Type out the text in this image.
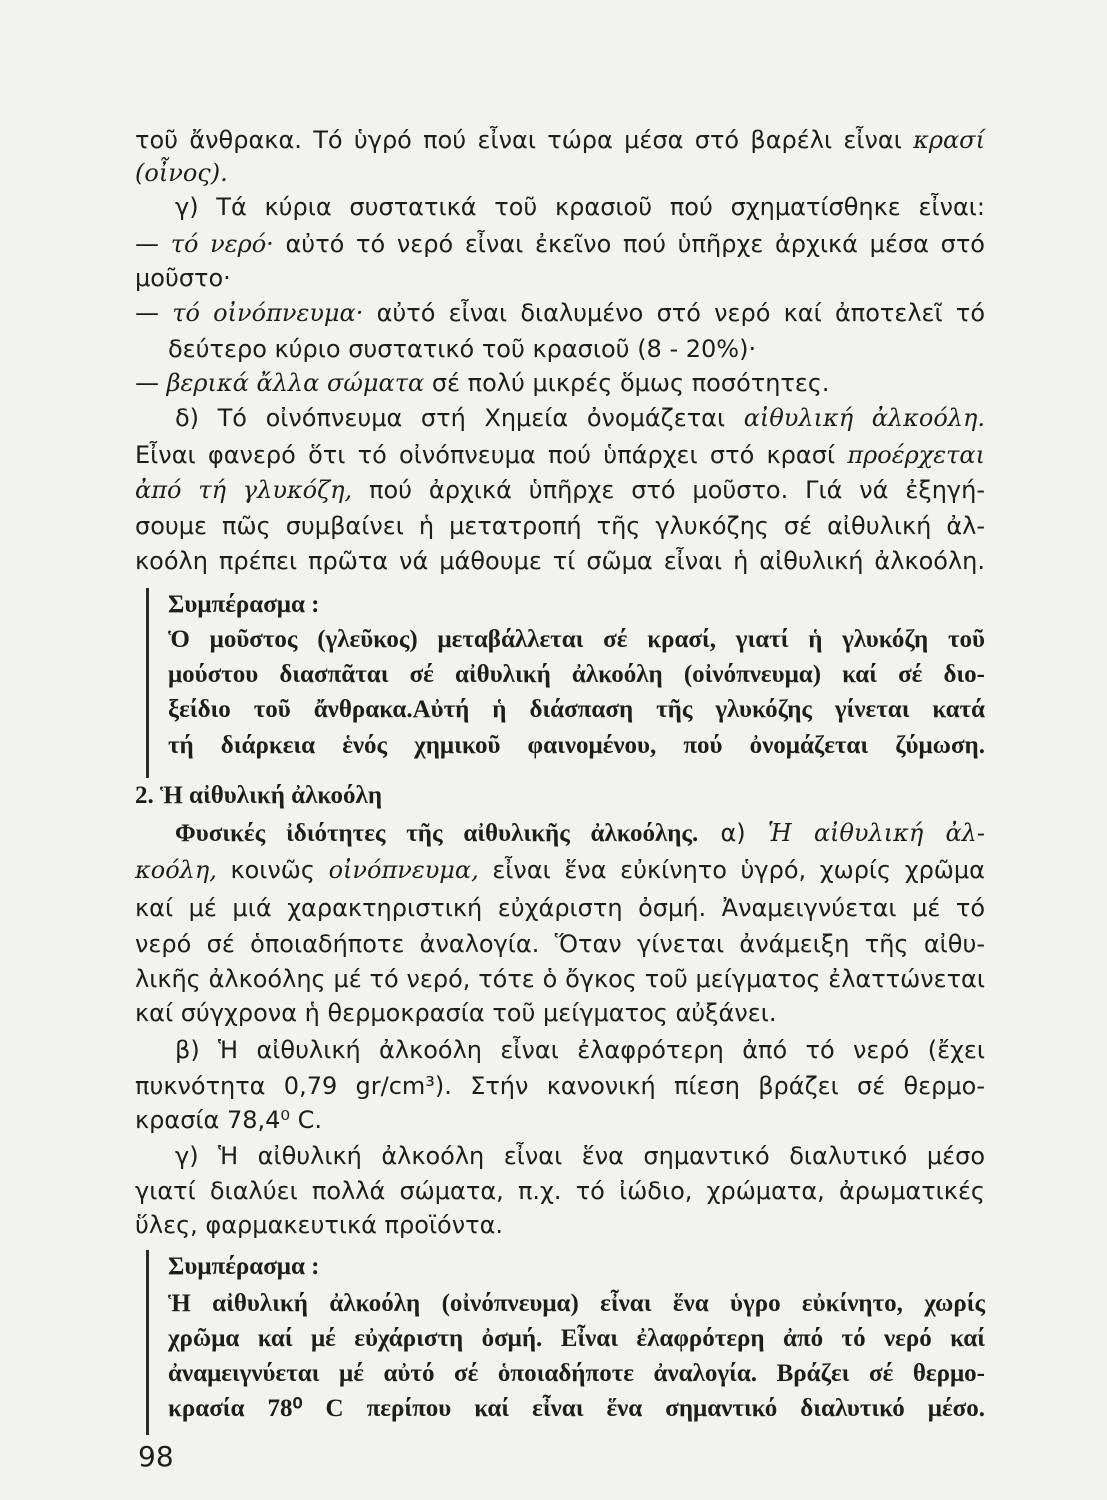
τοῦ ἄνθρακα. Τό ὑγρό πού εἶναι τώρα μέσα στό βαρέλι εἶναι κρασί
(οἶνος).
γ) Τά κύρια συστατικά τοῦ κρασιοῦ πού σχηματίσθηκε εἶναι:
— τό νερό· αὐτό τό νερό εἶναι ἐκεῖνο πού ὑπῆρχε ἀρχικά μέσα στό
μοῦστο·
— τό οἰνόπνευμα· αὐτό εἶναι διαλυμένο στό νερό καί ἀποτελεῖ τό
δεύτερο κύριο συστατικό τοῦ κρασιοῦ (8 - 20%)·
— βερικά ἄλλα σώματα σέ πολύ μικρές ὅμως ποσότητες.
δ) Τό οἰνόπνευμα στή Χημεία ὀνομάζεται αἰθυλική ἀλκοόλη.
Εἶναι φανερό ὅτι τό οἰνόπνευμα πού ὑπάρχει στό κρασί προέρχεται
ἀπό τή γλυκόζη, πού ἀρχικά ὑπῆρχε στό μοῦστο. Γιά νά ἐξηγή-
σουμε πῶς συμβαίνει ἡ μετατροπή τῆς γλυκόζης σέ αἰθυλική ἀλ-
κοόλη πρέπει πρῶτα νά μάθουμε τί σῶμα εἶναι ἡ αἰθυλική ἀλκοόλη.
Συμπέρασμα :
Ὁ μοῦστος (γλεῦκος) μεταβάλλεται σέ κρασί, γιατί ἡ γλυκόζη τοῦ
μούστου διασπᾶται σέ αἰθυλική ἀλκοόλη (οἰνόπνευμα) καί σέ διο-
ξείδιο τοῦ ἄνθρακα.Αὐτή ἡ διάσπαση τῆς γλυκόζης γίνεται κατά
τή διάρκεια ἑνός χημικοῦ φαινομένου, πού ὀνομάζεται ζύμωση.
2. Ἡ αἰθυλική ἀλκοόλη
Φυσικές ἰδιότητες τῆς αἰθυλικῆς ἀλκοόλης. α) Ἡ αἰθυλική ἀλ-
κοόλη, κοινῶς οἰνόπνευμα, εἶναι ἕνα εὐκίνητο ὑγρό, χωρίς χρῶμα
καί μέ μιά χαρακτηριστική εὐχάριστη ὀσμή. Ἀναμειγνύεται μέ τό
νερό σέ ὁποιαδήποτε ἀναλογία. Ὅταν γίνεται ἀνάμειξη τῆς αἰθυ-
λικῆς ἀλκοόλης μέ τό νερό, τότε ὁ ὄγκος τοῦ μείγματος ἐλαττώνεται
καί σύγχρονα ἡ θερμοκρασία τοῦ μείγματος αὐξάνει.
β) Ἡ αἰθυλική ἀλκοόλη εἶναι ἐλαφρότερη ἀπό τό νερό (ἔχει
πυκνότητα 0,79 gr/cm³). Στήν κανονική πίεση βράζει σέ θερμο-
κρασία 78,4⁰ C.
γ) Ἡ αἰθυλική ἀλκοόλη εἶναι ἕνα σημαντικό διαλυτικό μέσο
γιατί διαλύει πολλά σώματα, π.χ. τό ἰώδιο, χρώματα, ἀρωματικές
ὕλες, φαρμακευτικά προϊόντα.
Συμπέρασμα :
Ἡ αἰθυλική ἀλκοόλη (οἰνόπνευμα) εἶναι ἕνα ὑγρο εὐκίνητο, χωρίς
χρῶμα καί μέ εὐχάριστη ὀσμή. Εἶναι ἐλαφρότερη ἀπό τό νερό καί
ἀναμειγνύεται μέ αὐτό σέ ὁποιαδήποτε ἀναλογία. Βράζει σέ θερμο-
κρασία 78⁰ C περίπου καί εἶναι ἕνα σημαντικό διαλυτικό μέσο.
98
